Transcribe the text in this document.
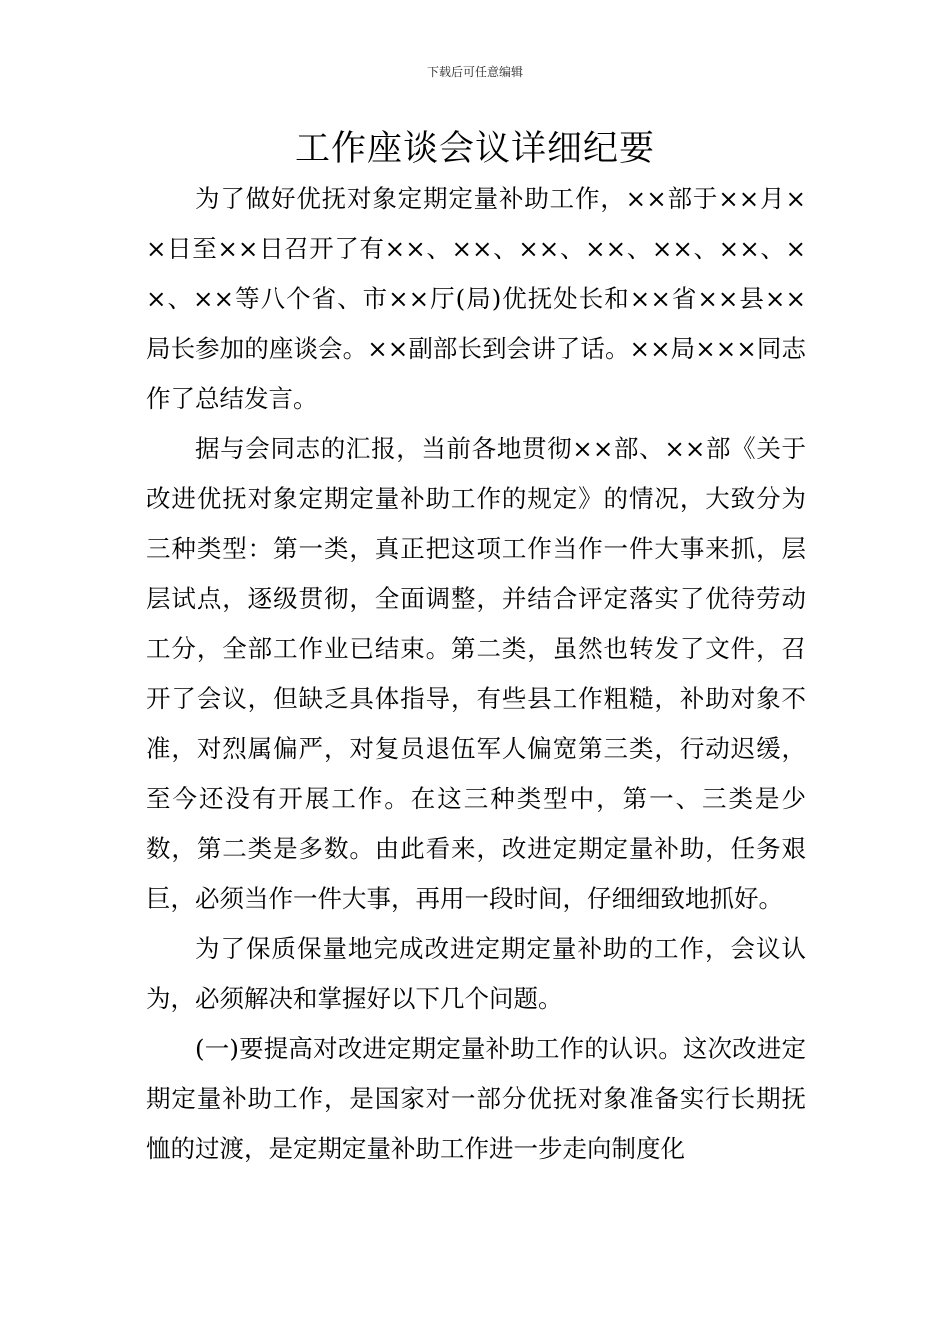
下载后可任意编辑
工作座谈会议详细纪要

为了做好优抚对象定期定量补助工作，××部于××月××日至××日召开了有××、××、××、××、××、××、××、××等八个省、市××厅(局)优抚处长和××省××县××局长参加的座谈会。××副部长到会讲了话。××局×××同志作了总结发言。

据与会同志的汇报，当前各地贯彻××部、××部《关于改进优抚对象定期定量补助工作的规定》的情况，大致分为三种类型：第一类，真正把这项工作当作一件大事来抓，层层试点，逐级贯彻，全面调整，并结合评定落实了优待劳动工分，全部工作业已结束。第二类，虽然也转发了文件，召开了会议，但缺乏具体指导，有些县工作粗糙，补助对象不准，对烈属偏严，对复员退伍军人偏宽第三类，行动迟缓，至今还没有开展工作。在这三种类型中，第一、三类是少数，第二类是多数。由此看来，改进定期定量补助，任务艰巨，必须当作一件大事，再用一段时间，仔细细致地抓好。

为了保质保量地完成改进定期定量补助的工作，会议认为，必须解决和掌握好以下几个问题。

(一)要提高对改进定期定量补助工作的认识。这次改进定期定量补助工作，是国家对一部分优抚对象准备实行长期抚恤的过渡，是定期定量补助工作进一步走向制度化
